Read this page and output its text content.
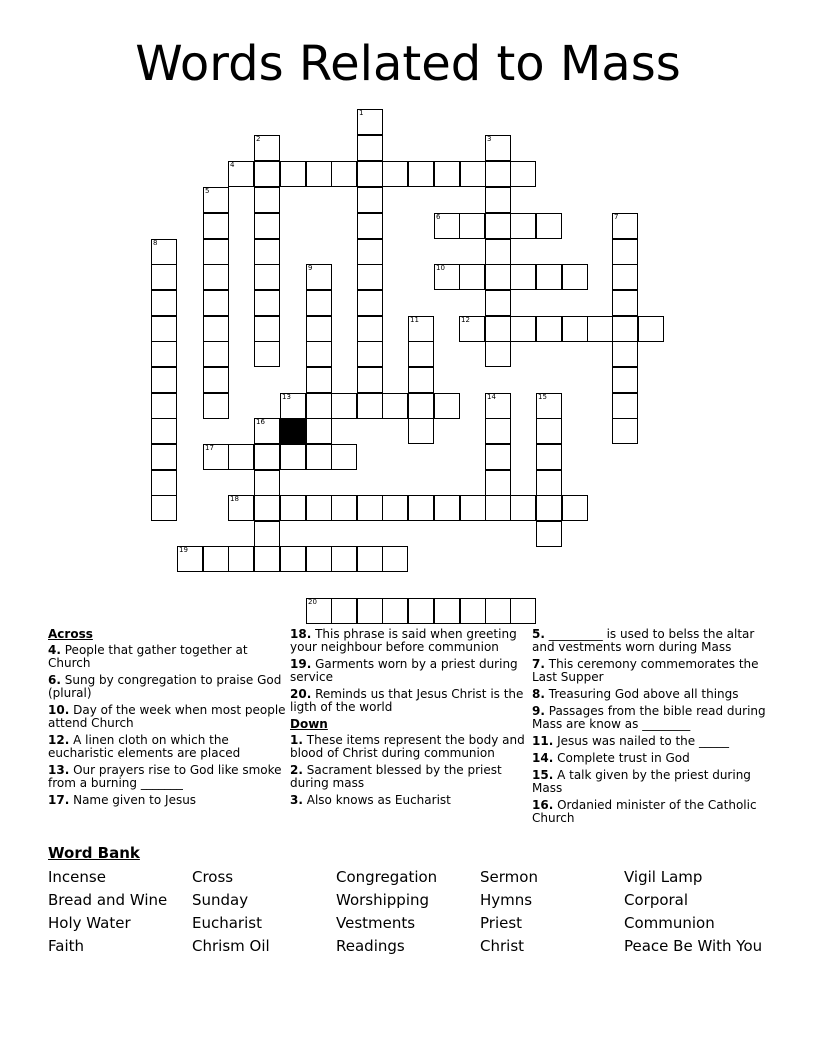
Words Related to Mass
1
2	3
4
5
6	7
8
9	10
11	12
13	14	15
16
17
18
19
20
Across
4. People that gather together at Church
6. Sung by congregation to praise God (plural)
10. Day of the week when most people attend Church
12. A linen cloth on which the eucharistic elements are placed
13. Our prayers rise to God like smoke from a burning _______
17. Name given to Jesus
18. This phrase is said when greeting your neighbour before communion
19. Garments worn by a priest during service
20. Reminds us that Jesus Christ is the ligth of the world
Down
1. These items represent the body and blood of Christ during communion
2. Sacrament blessed by the priest during mass
3. Also knows as Eucharist
5. _________ is used to belss the altar and vestments worn during Mass
7. This ceremony commemorates the Last Supper
8. Treasuring God above all things
9. Passages from the bible read during Mass are know as ________
11. Jesus was nailed to the _____
14. Complete trust in God
15. A talk given by the priest during Mass
16. Ordanied minister of the Catholic Church
Word Bank
Incense
Bread and Wine
Holy Water
Faith
Cross
Sunday
Eucharist
Chrism Oil
Congregation
Worshipping
Vestments
Readings
Sermon
Hymns
Priest
Christ
Vigil Lamp
Corporal
Communion
Peace Be With You
